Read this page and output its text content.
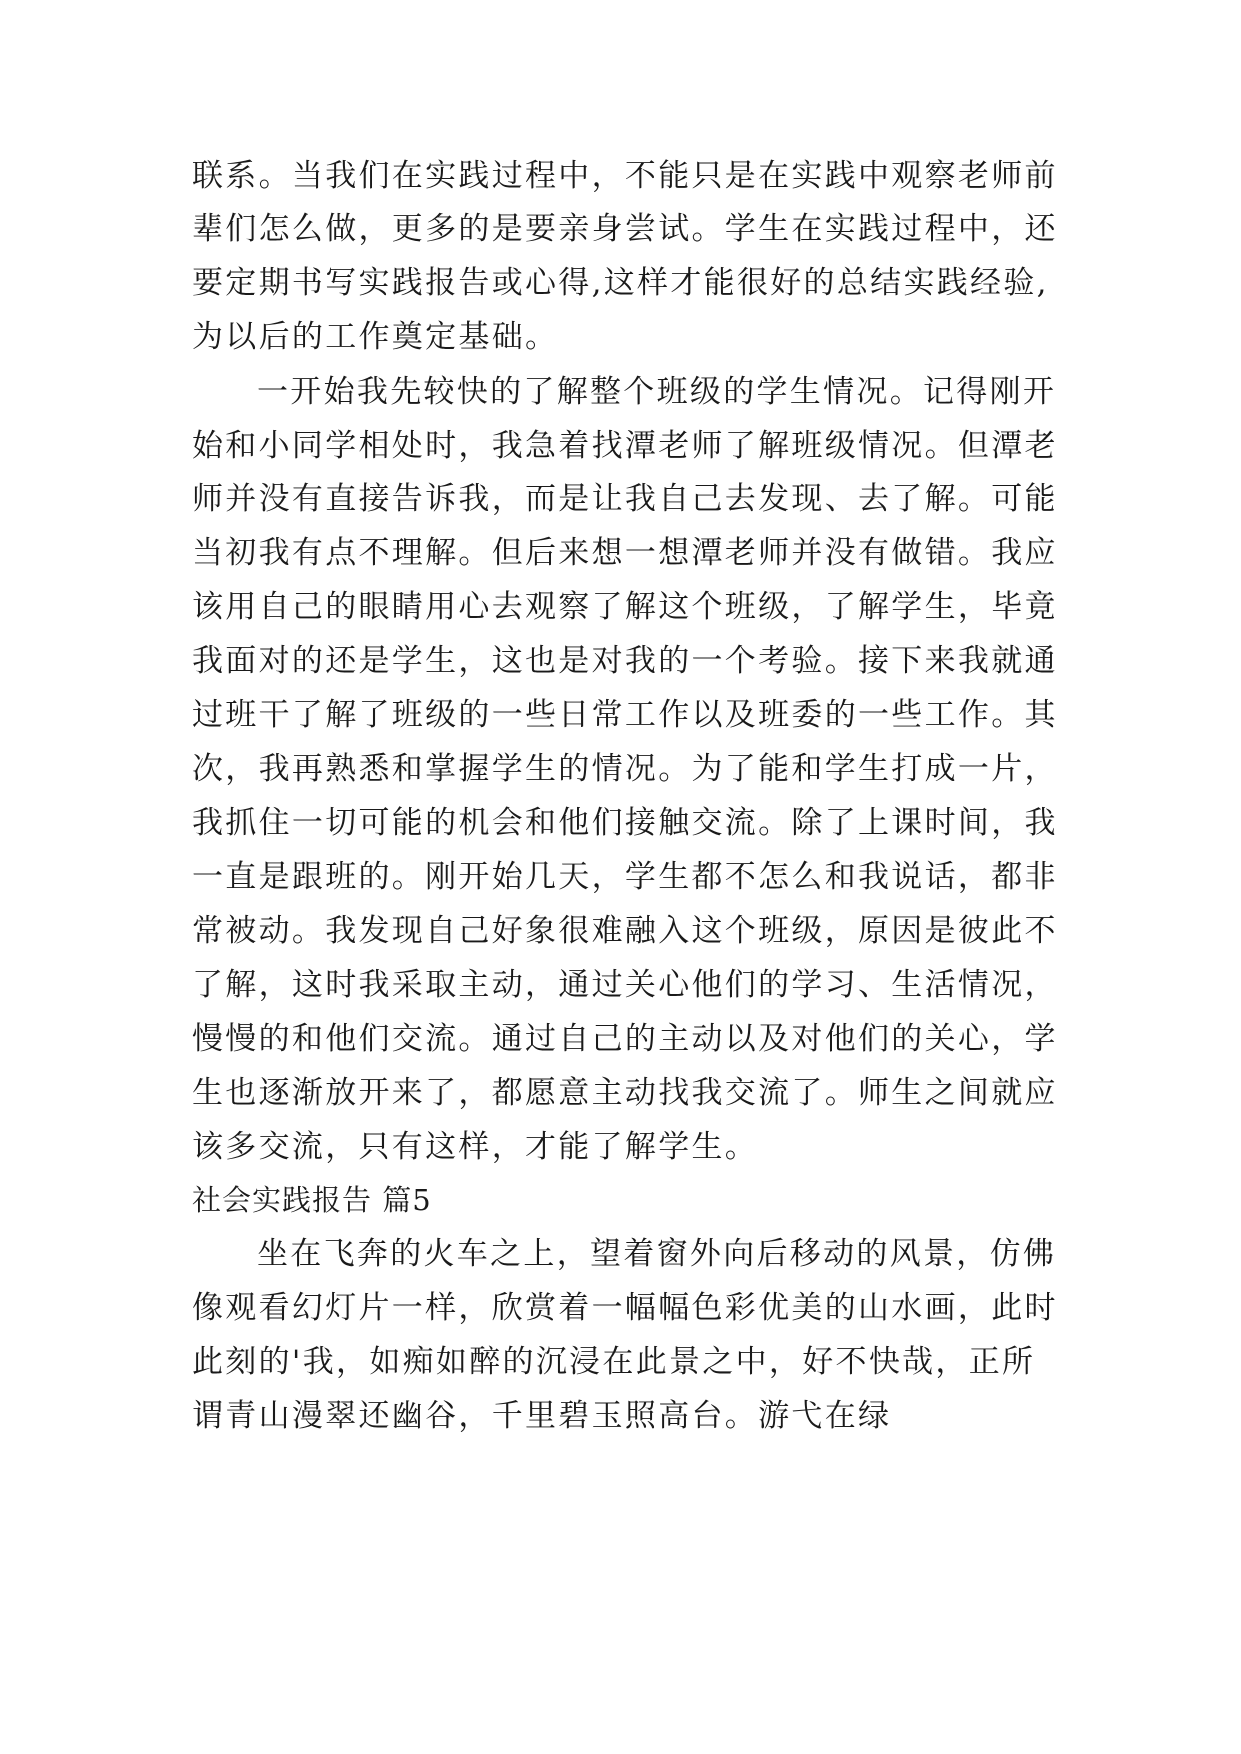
联系。当我们在实践过程中，不能只是在实践中观察老师前
辈们怎么做，更多的是要亲身尝试。学生在实践过程中，还
要定期书写实践报告或心得,这样才能很好的总结实践经验,
为以后的工作奠定基础。
一开始我先较快的了解整个班级的学生情况。记得刚开
始和小同学相处时，我急着找潭老师了解班级情况。但潭老
师并没有直接告诉我，而是让我自己去发现、去了解。可能
当初我有点不理解。但后来想一想潭老师并没有做错。我应
该用自己的眼睛用心去观察了解这个班级，了解学生，毕竟
我面对的还是学生，这也是对我的一个考验。接下来我就通
过班干了解了班级的一些日常工作以及班委的一些工作。其
次，我再熟悉和掌握学生的情况。为了能和学生打成一片，
我抓住一切可能的机会和他们接触交流。除了上课时间，我
一直是跟班的。刚开始几天，学生都不怎么和我说话，都非
常被动。我发现自己好象很难融入这个班级，原因是彼此不
了解，这时我采取主动，通过关心他们的学习、生活情况，
慢慢的和他们交流。通过自己的主动以及对他们的关心，学
生也逐渐放开来了，都愿意主动找我交流了。师生之间就应
该多交流，只有这样，才能了解学生。
社会实践报告 篇5
坐在飞奔的火车之上，望着窗外向后移动的风景，仿佛
像观看幻灯片一样，欣赏着一幅幅色彩优美的山水画，此时
此刻的'我，如痴如醉的沉浸在此景之中，好不快哉，正所
谓青山漫翠还幽谷，千里碧玉照高台。游弋在绿
